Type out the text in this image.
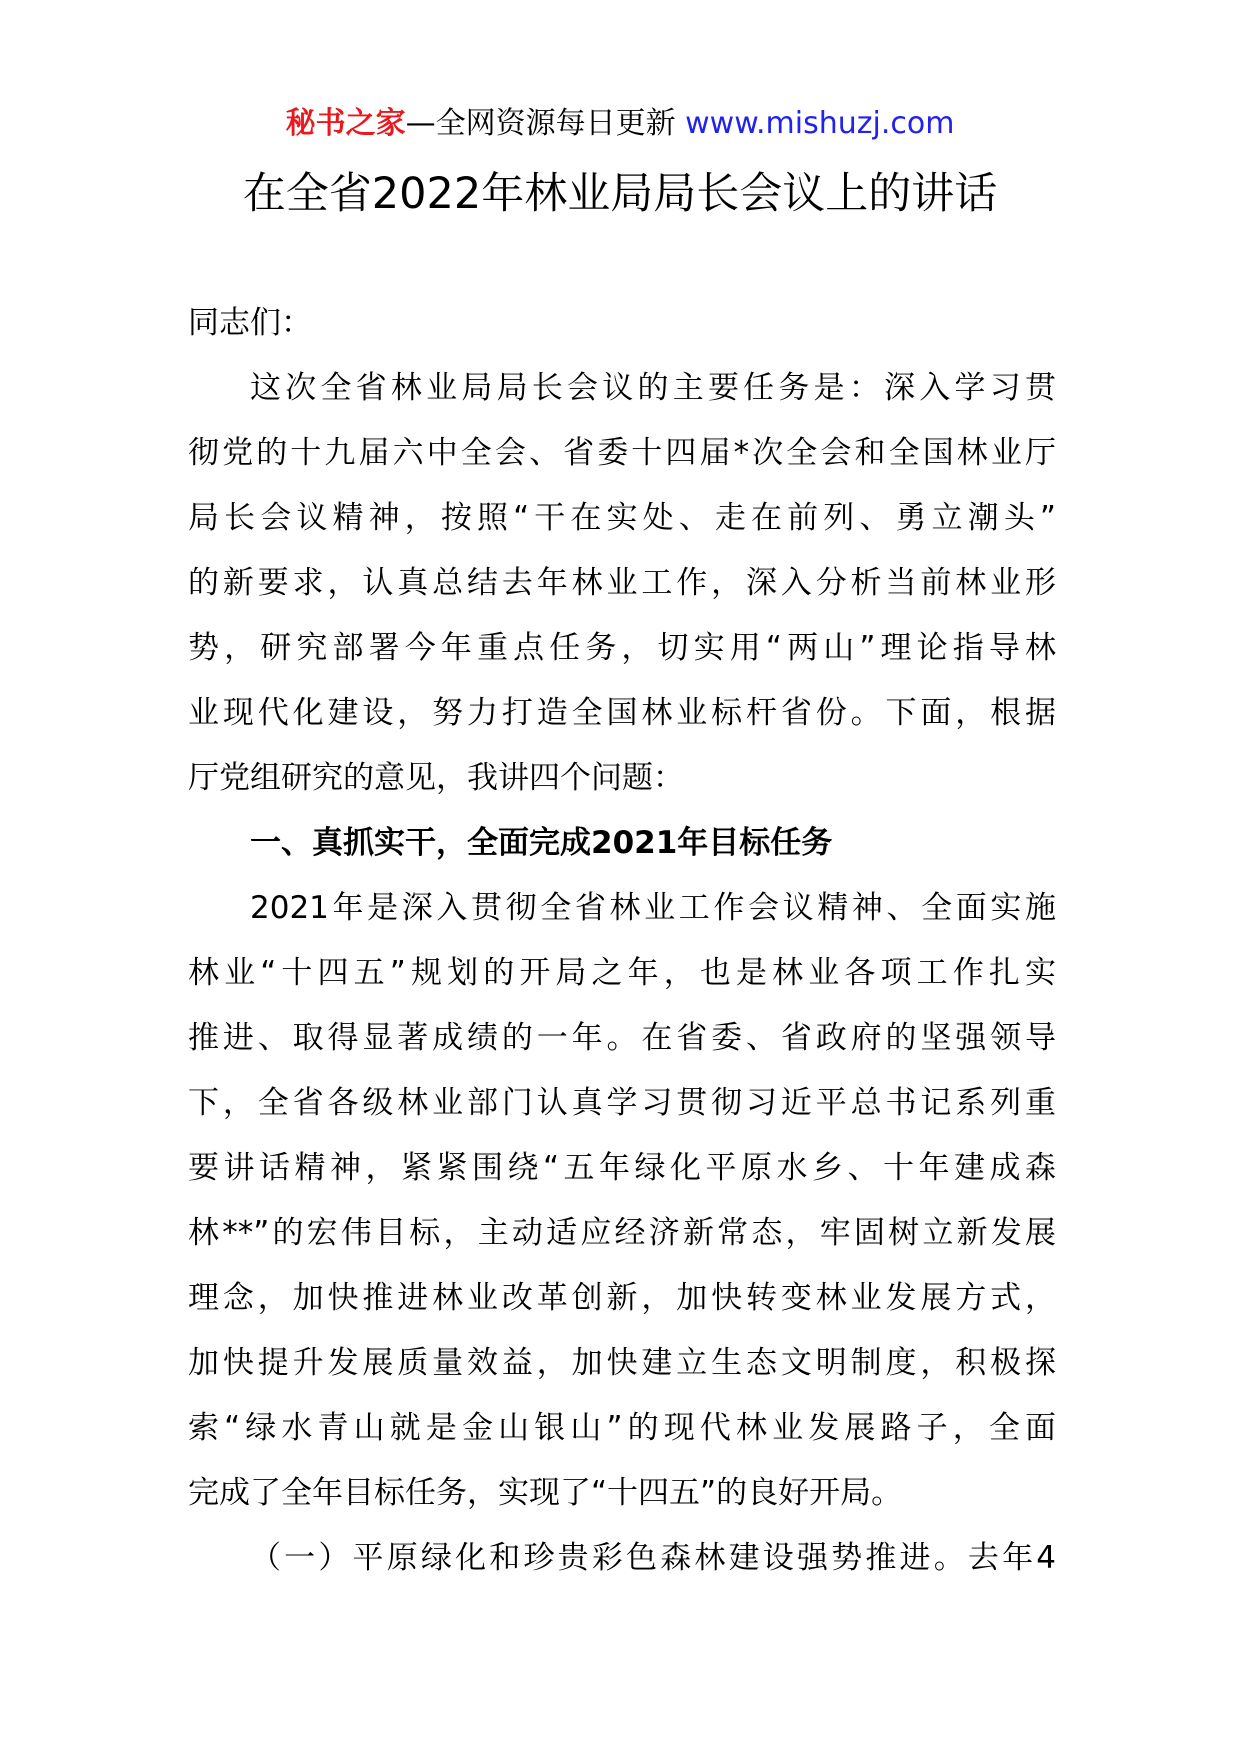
秘书之家—全网资源每日更新 www.mishuzj.com
在全省2022年林业局局长会议上的讲话
同志们：
这次全省林业局局长会议的主要任务是：深入学习贯
彻党的十九届六中全会、省委十四届*次全会和全国林业厅
局长会议精神，按照“干在实处、走在前列、勇立潮头”
的新要求，认真总结去年林业工作，深入分析当前林业形
势，研究部署今年重点任务，切实用“两山”理论指导林
业现代化建设，努力打造全国林业标杆省份。下面，根据
厅党组研究的意见，我讲四个问题：
一、真抓实干，全面完成2021年目标任务
2021年是深入贯彻全省林业工作会议精神、全面实施
林业“十四五”规划的开局之年，也是林业各项工作扎实
推进、取得显著成绩的一年。在省委、省政府的坚强领导
下，全省各级林业部门认真学习贯彻习近平总书记系列重
要讲话精神，紧紧围绕“五年绿化平原水乡、十年建成森
林**”的宏伟目标，主动适应经济新常态，牢固树立新发展
理念，加快推进林业改革创新，加快转变林业发展方式，
加快提升发展质量效益，加快建立生态文明制度，积极探
索“绿水青山就是金山银山”的现代林业发展路子，全面
完成了全年目标任务，实现了“十四五”的良好开局。
（一）平原绿化和珍贵彩色森林建设强势推进。去年4
